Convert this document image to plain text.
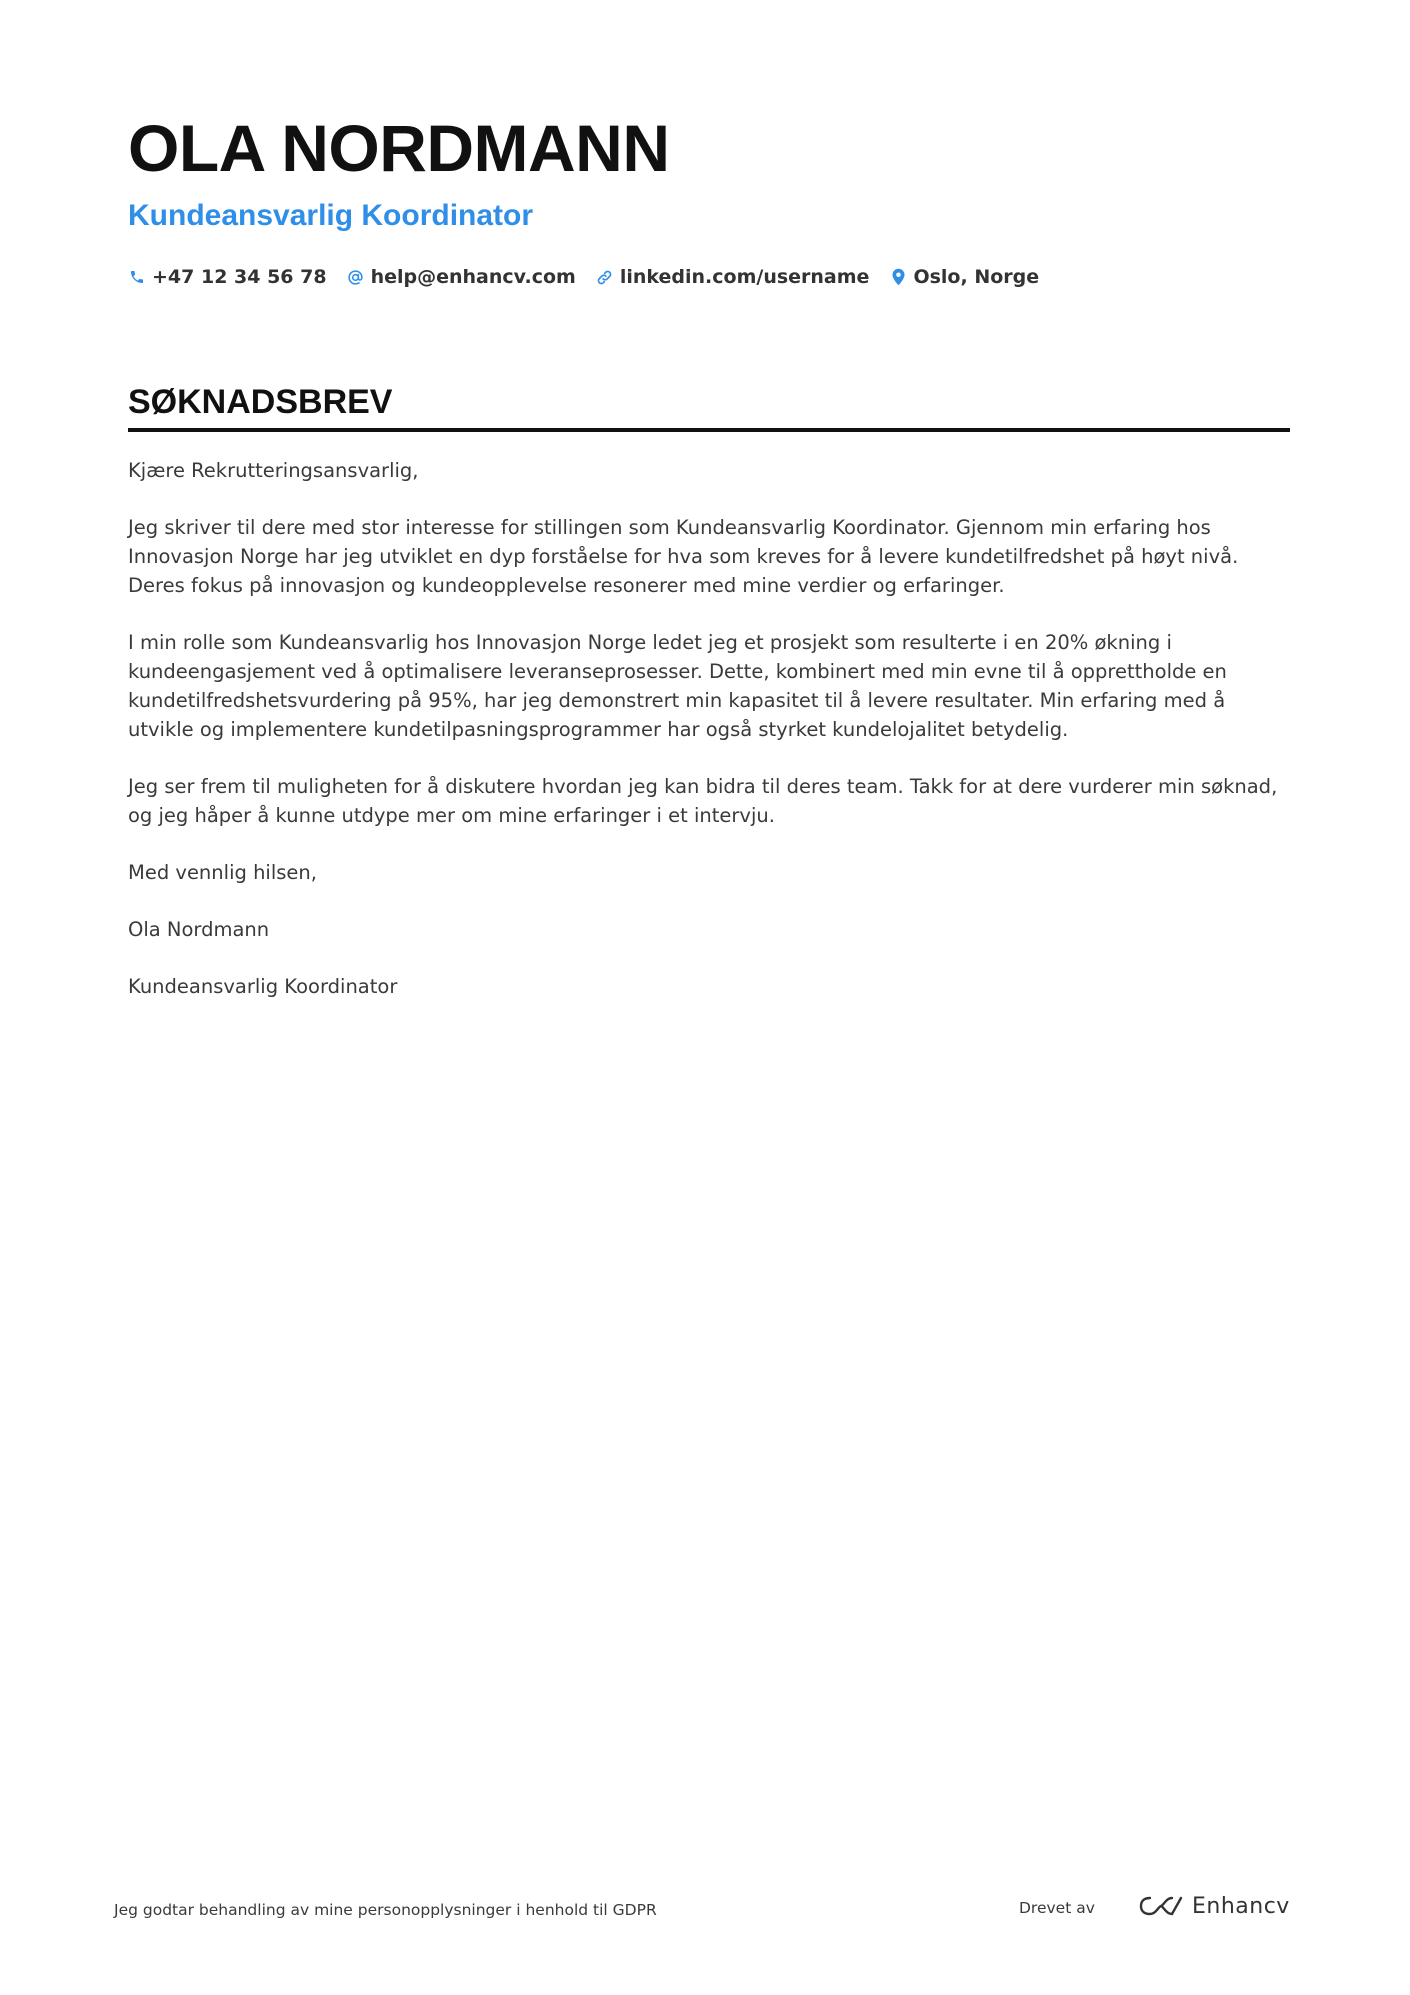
OLA NORDMANN
Kundeansvarlig Koordinator
+47 12 34 56 78 help@enhancv.com linkedin.com/username Oslo, Norge
SØKNADSBREV

Kjære Rekrutteringsansvarlig,

Jeg skriver til dere med stor interesse for stillingen som Kundeansvarlig Koordinator. Gjennom min erfaring hos Innovasjon Norge har jeg utviklet en dyp forståelse for hva som kreves for å levere kundetilfredshet på høyt nivå. Deres fokus på innovasjon og kundeopplevelse resonerer med mine verdier og erfaringer.

I min rolle som Kundeansvarlig hos Innovasjon Norge ledet jeg et prosjekt som resulterte i en 20% økning i kundeengasjement ved å optimalisere leveranseprosesser. Dette, kombinert med min evne til å opprettholde en kundetilfredshetsvurdering på 95%, har jeg demonstrert min kapasitet til å levere resultater. Min erfaring med å utvikle og implementere kundetilpasningsprogrammer har også styrket kundelojalitet betydelig.

Jeg ser frem til muligheten for å diskutere hvordan jeg kan bidra til deres team. Takk for at dere vurderer min søknad, og jeg håper å kunne utdype mer om mine erfaringer i et intervju.

Med vennlig hilsen,

Ola Nordmann

Kundeansvarlig Koordinator

Jeg godtar behandling av mine personopplysninger i henhold til GDPR	Drevet av	Enhancv
